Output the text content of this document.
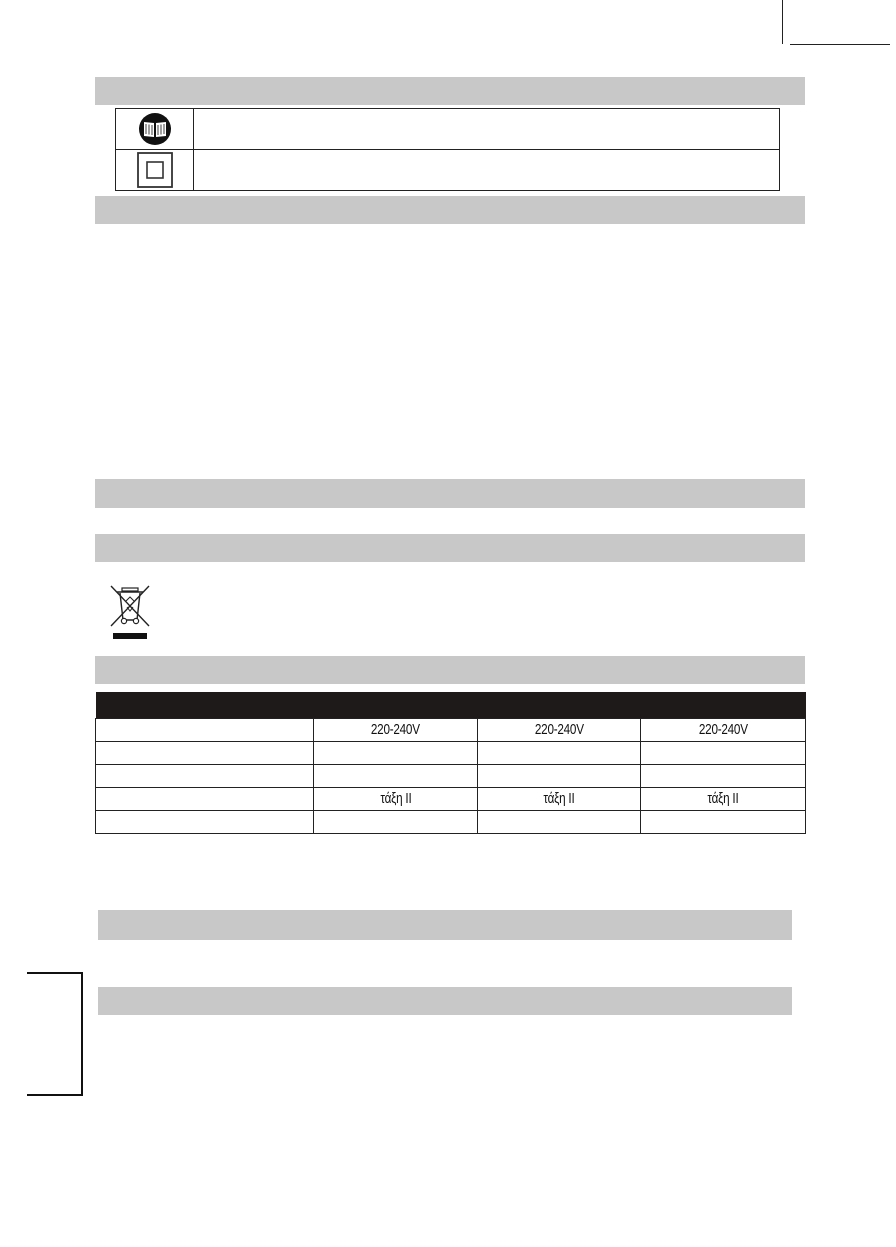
	220-240V	220-240V	220-240V

	τάξη II	τάξη II	τάξη II
